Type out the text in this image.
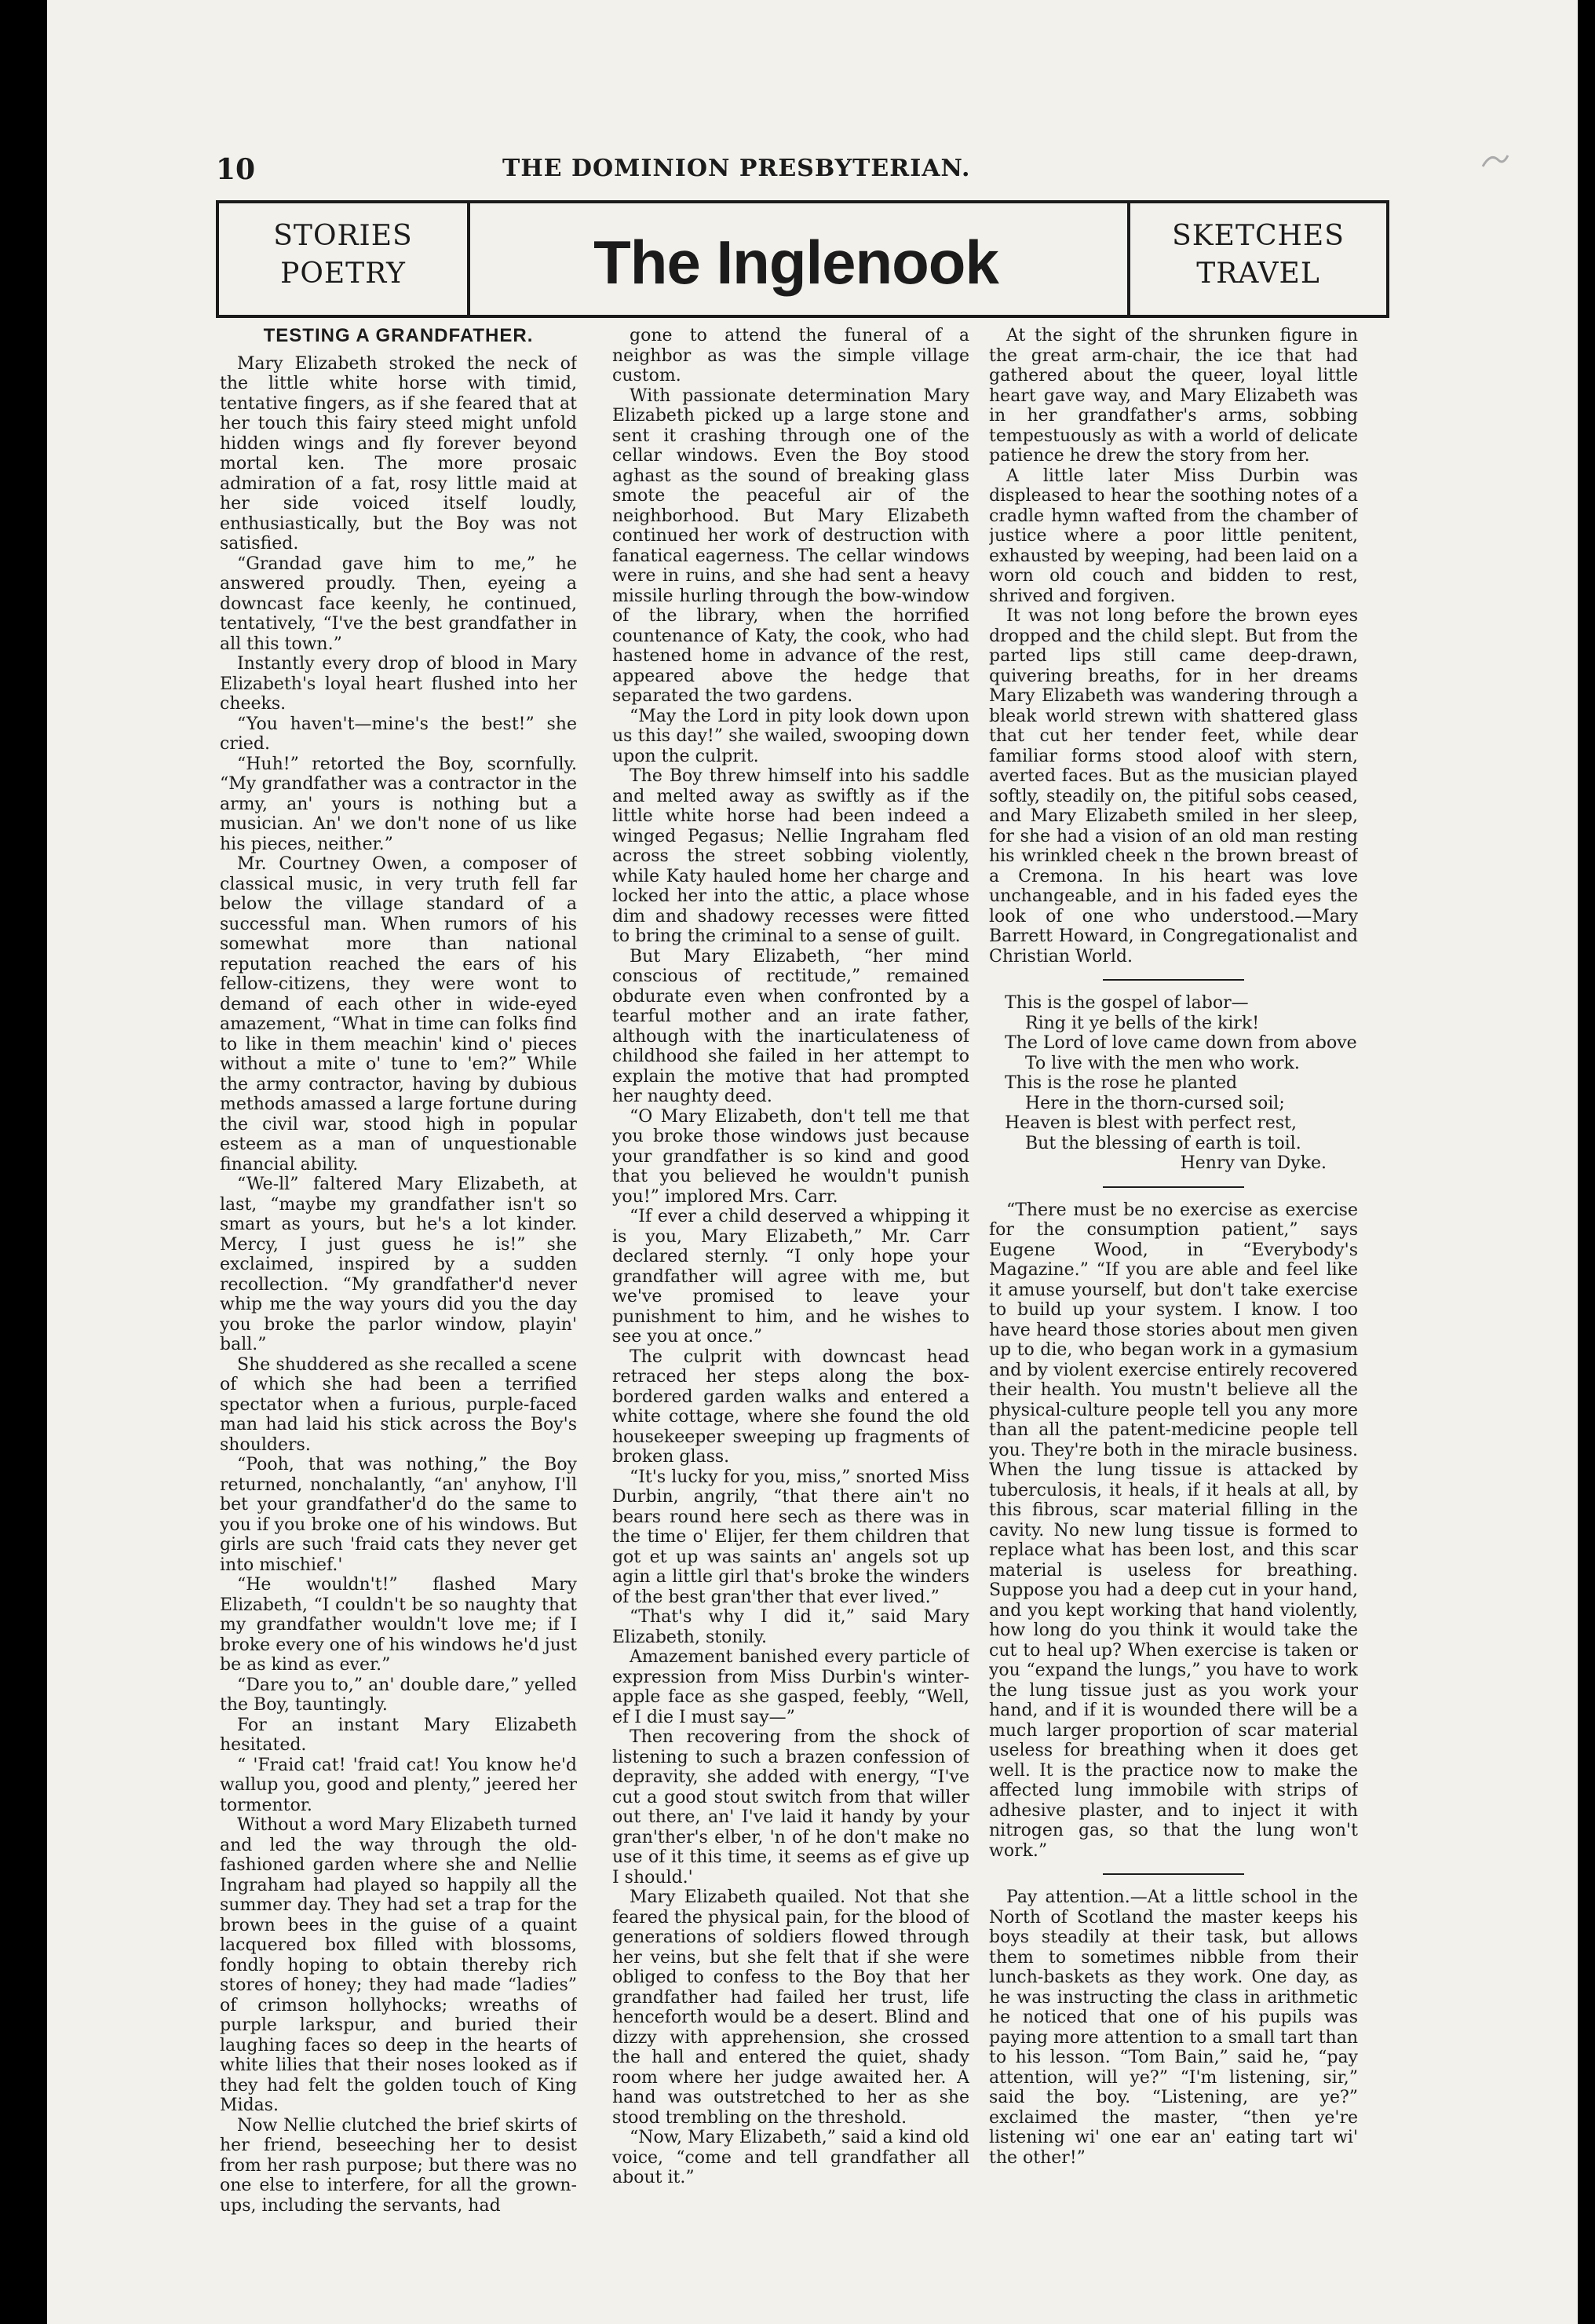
10	THE DOMINION PRESBYTERIAN.
STORIES
POETRY	The Inglenook	SKETCHES
TRAVEL
TESTING A GRANDFATHER.

Mary Elizabeth stroked the neck of the little white horse with timid, tentative fingers, as if she feared that at her touch this fairy steed might unfold hidden wings and fly forever beyond mortal ken. The more prosaic admiration of a fat, rosy little maid at her side voiced itself loudly, enthusiastically, but the Boy was not satisfied.

“Grandad gave him to me,” he answered proudly. Then, eyeing a downcast face keenly, he continued, tentatively, “I've the best grandfather in all this town.”

Instantly every drop of blood in Mary Elizabeth's loyal heart flushed into her cheeks.

“You haven't—mine's the best!” she cried.

“Huh!” retorted the Boy, scornfully. “My grandfather was a contractor in the army, an' yours is nothing but a musician. An' we don't none of us like his pieces, neither.”

Mr. Courtney Owen, a composer of classical music, in very truth fell far below the village standard of a successful man. When rumors of his somewhat more than national reputation reached the ears of his fellow-citizens, they were wont to demand of each other in wide-eyed amazement, “What in time can folks find to like in them meachin' kind o' pieces without a mite o' tune to 'em?” While the army contractor, having by dubious methods amassed a large fortune during the civil war, stood high in popular esteem as a man of unquestionable financial ability.

“We-ll” faltered Mary Elizabeth, at last, “maybe my grandfather isn't so smart as yours, but he's a lot kinder. Mercy, I just guess he is!” she exclaimed, inspired by a sudden recollection. “My grandfather'd never whip me the way yours did you the day you broke the parlor window, playin' ball.”

She shuddered as she recalled a scene of which she had been a terrified spectator when a furious, purple-faced man had laid his stick across the Boy's shoulders.

“Pooh, that was nothing,” the Boy returned, nonchalantly, “an' anyhow, I'll bet your grandfather'd do the same to you if you broke one of his windows. But girls are such 'fraid cats they never get into mischief.'

“He wouldn't!” flashed Mary Elizabeth, “I couldn't be so naughty that my grandfather wouldn't love me; if I broke every one of his windows he'd just be as kind as ever.”

“Dare you to,” an' double dare,” yelled the Boy, tauntingly.

For an instant Mary Elizabeth hesitated.

“ 'Fraid cat! 'fraid cat! You know he'd wallup you, good and plenty,” jeered her tormentor.

Without a word Mary Elizabeth turned and led the way through the old-fashioned garden where she and Nellie Ingraham had played so happily all the summer day. They had set a trap for the brown bees in the guise of a quaint lacquered box filled with blossoms, fondly hoping to obtain thereby rich stores of honey; they had made “ladies” of crimson hollyhocks; wreaths of purple larkspur, and buried their laughing faces so deep in the hearts of white lilies that their noses looked as if they had felt the golden touch of King Midas.

Now Nellie clutched the brief skirts of her friend, beseeching her to desist from her rash purpose; but there was no one else to interfere, for all the grown-ups, including the servants, had

gone to attend the funeral of a neighbor as was the simple village custom.

With passionate determination Mary Elizabeth picked up a large stone and sent it crashing through one of the cellar windows. Even the Boy stood aghast as the sound of breaking glass smote the peaceful air of the neighborhood. But Mary Elizabeth continued her work of destruction with fanatical eagerness. The cellar windows were in ruins, and she had sent a heavy missile hurling through the bow-window of the library, when the horrified countenance of Katy, the cook, who had hastened home in advance of the rest, appeared above the hedge that separated the two gardens.

“May the Lord in pity look down upon us this day!” she wailed, swooping down upon the culprit.

The Boy threw himself into his saddle and melted away as swiftly as if the little white horse had been indeed a winged Pegasus; Nellie Ingraham fled across the street sobbing violently, while Katy hauled home her charge and locked her into the attic, a place whose dim and shadowy recesses were fitted to bring the criminal to a sense of guilt.

But Mary Elizabeth, “her mind conscious of rectitude,” remained obdurate even when confronted by a tearful mother and an irate father, although with the inarticulateness of childhood she failed in her attempt to explain the motive that had prompted her naughty deed.

“O Mary Elizabeth, don't tell me that you broke those windows just because your grandfather is so kind and good that you believed he wouldn't punish you!” implored Mrs. Carr.

“If ever a child deserved a whipping it is you, Mary Elizabeth,” Mr. Carr declared sternly. “I only hope your grandfather will agree with me, but we've promised to leave your punishment to him, and he wishes to see you at once.”

The culprit with downcast head retraced her steps along the box-bordered garden walks and entered a white cottage, where she found the old housekeeper sweeping up fragments of broken glass.

“It's lucky for you, miss,” snorted Miss Durbin, angrily, “that there ain't no bears round here sech as there was in the time o' Elijer, fer them children that got et up was saints an' angels sot up agin a little girl that's broke the winders of the best gran'ther that ever lived.”

“That's why I did it,” said Mary Elizabeth, stonily.

Amazement banished every particle of expression from Miss Durbin's winter-apple face as she gasped, feebly, “Well, ef I die I must say—”

Then recovering from the shock of listening to such a brazen confession of depravity, she added with energy, “I've cut a good stout switch from that willer out there, an' I've laid it handy by your gran'ther's elber, 'n of he don't make no use of it this time, it seems as ef give up I should.'

Mary Elizabeth quailed. Not that she feared the physical pain, for the blood of generations of soldiers flowed through her veins, but she felt that if she were obliged to confess to the Boy that her grandfather had failed her trust, life henceforth would be a desert. Blind and dizzy with apprehension, she crossed the hall and entered the quiet, shady room where her judge awaited her. A hand was outstretched to her as she stood trembling on the threshold.

“Now, Mary Elizabeth,” said a kind old voice, “come and tell grandfather all about it.”

At the sight of the shrunken figure in the great arm-chair, the ice that had gathered about the queer, loyal little heart gave way, and Mary Elizabeth was in her grandfather's arms, sobbing tempestuously as with a world of delicate patience he drew the story from her.

A little later Miss Durbin was displeased to hear the soothing notes of a cradle hymn wafted from the chamber of justice where a poor little penitent, exhausted by weeping, had been laid on a worn old couch and bidden to rest, shrived and forgiven.

It was not long before the brown eyes dropped and the child slept. But from the parted lips still came deep-drawn, quivering breaths, for in her dreams Mary Elizabeth was wandering through a bleak world strewn with shattered glass that cut her tender feet, while dear familiar forms stood aloof with stern, averted faces. But as the musician played softly, steadily on, the pitiful sobs ceased, and Mary Elizabeth smiled in her sleep, for she had a vision of an old man resting his wrinkled cheek n the brown breast of a Cremona. In his heart was love unchangeable, and in his faded eyes the look of one who understood.—Mary Barrett Howard, in Congregationalist and Christian World.

This is the gospel of labor—
Ring it ye bells of the kirk!
The Lord of love came down from above
To live with the men who work.
This is the rose he planted
Here in the thorn-cursed soil;
Heaven is blest with perfect rest,
But the blessing of earth is toil.
Henry van Dyke.

“There must be no exercise as exercise for the consumption patient,” says Eugene Wood, in “Everybody's Magazine.” “If you are able and feel like it amuse yourself, but don't take exercise to build up your system. I know. I too have heard those stories about men given up to die, who began work in a gymasium and by violent exercise entirely recovered their health. You mustn't believe all the physical-culture people tell you any more than all the patent-medicine people tell you. They're both in the miracle business. When the lung tissue is attacked by tuberculosis, it heals, if it heals at all, by this fibrous, scar material filling in the cavity. No new lung tissue is formed to replace what has been lost, and this scar material is useless for breathing. Suppose you had a deep cut in your hand, and you kept working that hand violently, how long do you think it would take the cut to heal up? When exercise is taken or you “expand the lungs,” you have to work the lung tissue just as you work your hand, and if it is wounded there will be a much larger proportion of scar material useless for breathing when it does get well. It is the practice now to make the affected lung immobile with strips of adhesive plaster, and to inject it with nitrogen gas, so that the lung won't work.”

Pay attention.—At a little school in the North of Scotland the master keeps his boys steadily at their task, but allows them to sometimes nibble from their lunch-baskets as they work. One day, as he was instructing the class in arithmetic he noticed that one of his pupils was paying more attention to a small tart than to his lesson. “Tom Bain,” said he, “pay attention, will ye?” “I'm listening, sir,” said the boy. “Listening, are ye?” exclaimed the master, “then ye're listening wi' one ear an' eating tart wi' the other!”
